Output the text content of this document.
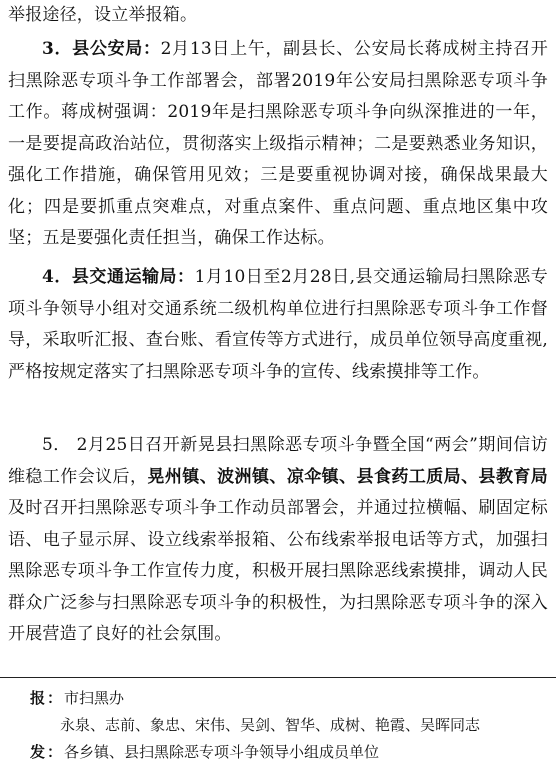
举报途径，设立举报箱。
3．县公安局：2月13日上午，副县长、公安局长蒋成树主持召开扫黑除恶专项斗争工作部署会，部署2019年公安局扫黑除恶专项斗争工作。蒋成树强调：2019年是扫黑除恶专项斗争向纵深推进的一年，一是要提高政治站位，贯彻落实上级指示精神；二是要熟悉业务知识，强化工作措施，确保管用见效；三是要重视协调对接，确保战果最大化；四是要抓重点突难点，对重点案件、重点问题、重点地区集中攻坚；五是要强化责任担当，确保工作达标。
4．县交通运输局：1月10日至2月28日,县交通运输局扫黑除恶专项斗争领导小组对交通系统二级机构单位进行扫黑除恶专项斗争工作督导，采取听汇报、查台账、看宣传等方式进行，成员单位领导高度重视,严格按规定落实了扫黑除恶专项斗争的宣传、线索摸排等工作。
5． 2月25日召开新晃县扫黑除恶专项斗争暨全国“两会”期间信访维稳工作会议后，晃州镇、波洲镇、凉伞镇、县食药工质局、县教育局及时召开扫黑除恶专项斗争工作动员部署会，并通过拉横幅、刷固定标语、电子显示屏、设立线索举报箱、公布线索举报电话等方式，加强扫黑除恶专项斗争工作宣传力度，积极开展扫黑除恶线索摸排，调动人民群众广泛参与扫黑除恶专项斗争的积极性，为扫黑除恶专项斗争的深入开展营造了良好的社会氛围。
报：市扫黑办
永泉、志前、象忠、宋伟、吴剑、智华、成树、艳霞、吴晖同志
发：各乡镇、县扫黑除恶专项斗争领导小组成员单位
